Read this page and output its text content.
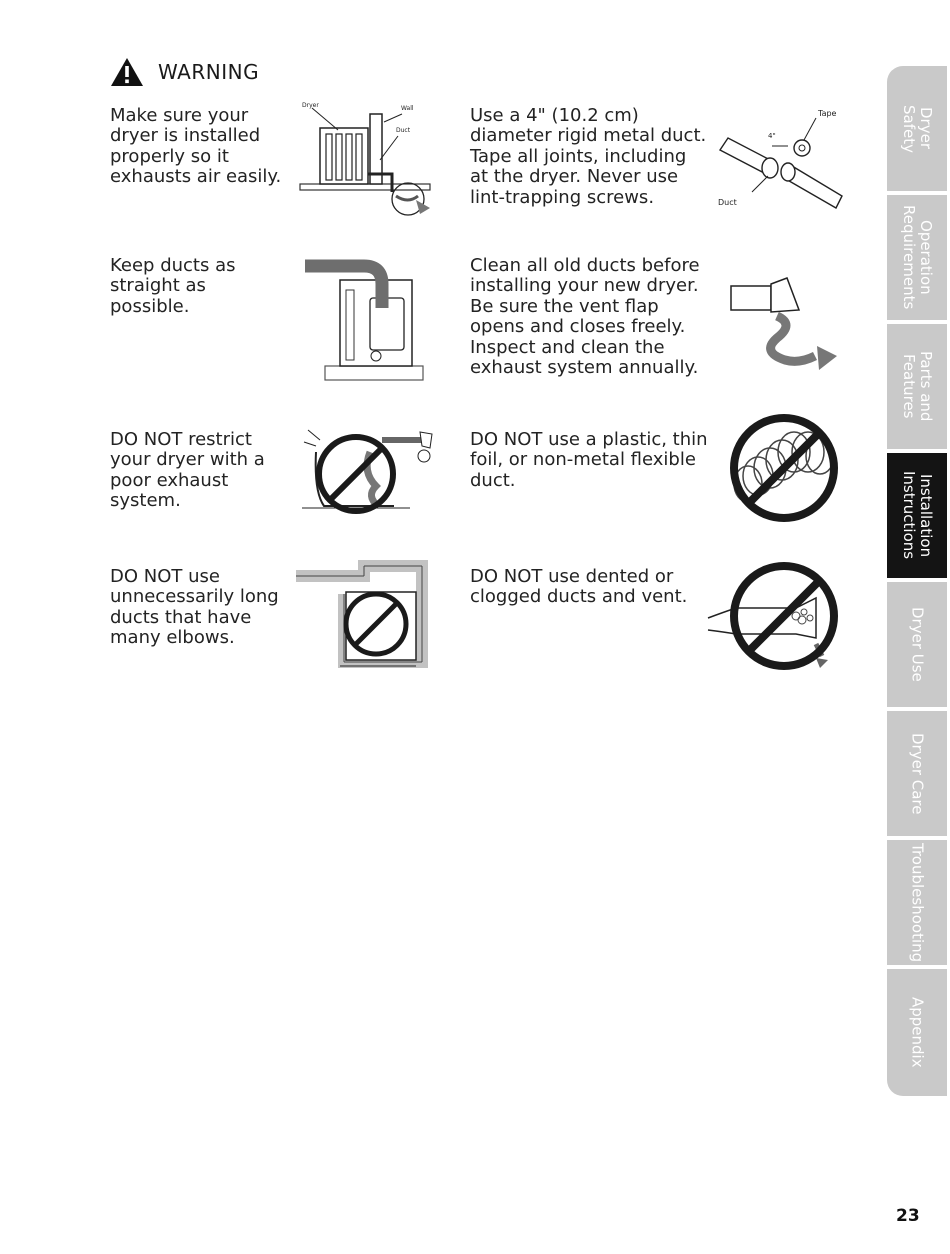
WARNING
Make sure your dryer is installed properly so it exhausts air easily.
Dryer	Wall
Duct
Use a 4" (10.2 cm) diameter rigid metal duct. Tape all joints, including at the dryer. Never use lint-trapping screws.
Tape
4"
Duct
Keep ducts as straight as possible.
Clean all old ducts before installing your new dryer. Be sure the vent flap opens and closes freely. Inspect and clean the exhaust system annually.
DO NOT restrict your dryer with a poor exhaust system.
DO NOT use a plastic, thin foil, or non-metal flexible duct.
DO NOT use unnecessarily long ducts that have many elbows.
DO NOT use dented or clogged ducts and vent.
Dryer
Safety
Operation
Requirements
Parts and
Features
Installation
Instructions
Dryer Use
Dryer Care
Troubleshooting
Appendix
23
